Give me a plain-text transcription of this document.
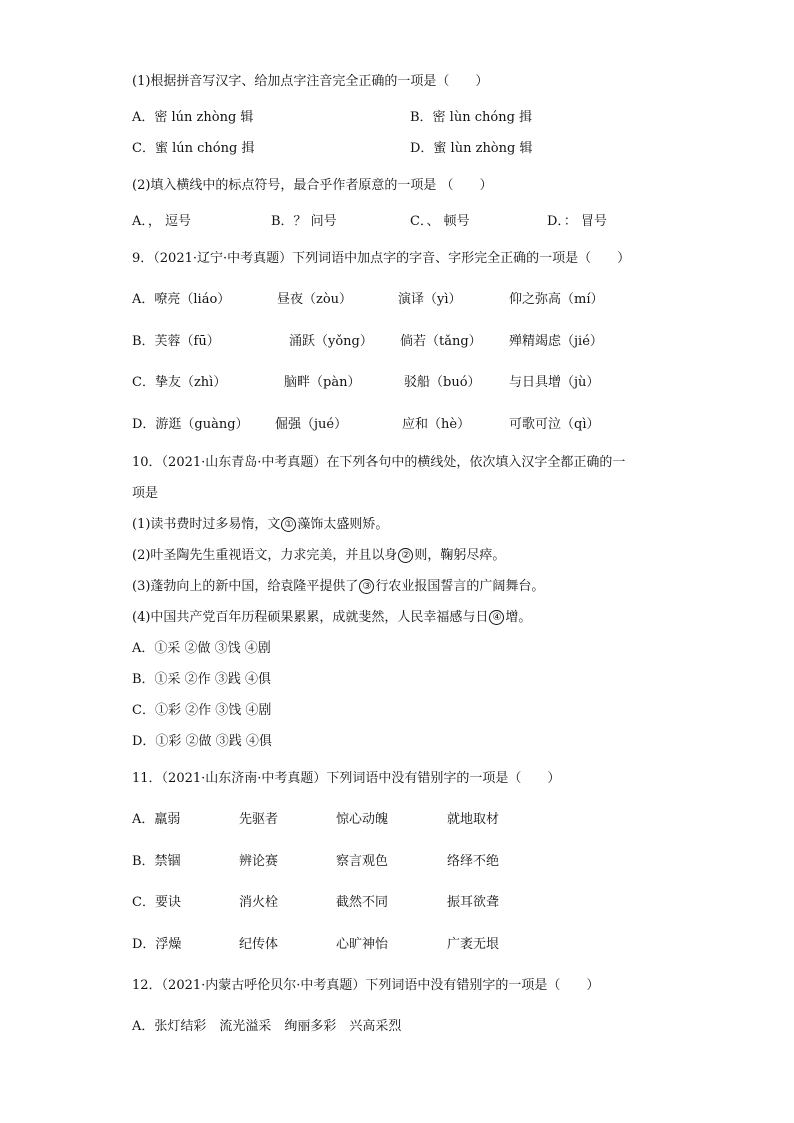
(1)根据拼音写汉字、给加点字注音完全正确的一项是（　　）
A．密 lún zhòng 辑	B．密 lùn chóng 揖
C．蜜 lún chóng 揖	D．蜜 lùn zhòng 辑
(2)填入横线中的标点符号，最合乎作者原意的一项是 （　　）
A．， 逗号	B．？ 问号	C．、 顿号	D．： 冒号
9．（2021·辽宁·中考真题）下列词语中加点字的字音、字形完全正确的一项是（　　）
A．嘹亮（liáo）	昼夜（zòu）	演译（yì）	仰之弥高（mí）
B．芙蓉（fū）	涌跃（yǒng） 倘若（tǎng） 殚精竭虑（jié）
C．挚友（zhì）	脑畔（pàn）	驳船（buó） 与日具增（jù）
D．游逛（guàng） 倔强（jué）	应和（hè）	可歌可泣（qì）
10．（2021·山东青岛·中考真题）在下列各句中的横线处，依次填入汉字全都正确的一
项是
(1)读书费时过多易惰，文 ① 藻饰太盛则矫。
(2)叶圣陶先生重视语文，力求完美，并且以身 ② 则，鞠躬尽瘁。
(3)蓬勃向上的新中国，给袁隆平提供了 ③ 行农业报国誓言的广阔舞台。
(4)中国共产党百年历程硕果累累，成就斐然，人民幸福感与日 ④ 增。
A．①采 ②做 ③饯 ④剧
B．①采 ②作 ③践 ④俱
C．①彩 ②作 ③饯 ④剧
D．①彩 ②做 ③践 ④俱
11．（2021·山东济南·中考真题）下列词语中没有错别字的一项是（　　）
A．羸弱	先驱者	惊心动魄	就地取材
B．禁锢	辨论赛	察言观色	络绎不绝
C．要诀	消火栓	截然不同	振耳欲聋
D．浮燥	纪传体	心旷神怡	广袤无垠
12．（2021·内蒙古呼伦贝尔·中考真题）下列词语中没有错别字的一项是（　　）
A．张灯结彩　流光溢采　绚丽多彩　兴高采烈
